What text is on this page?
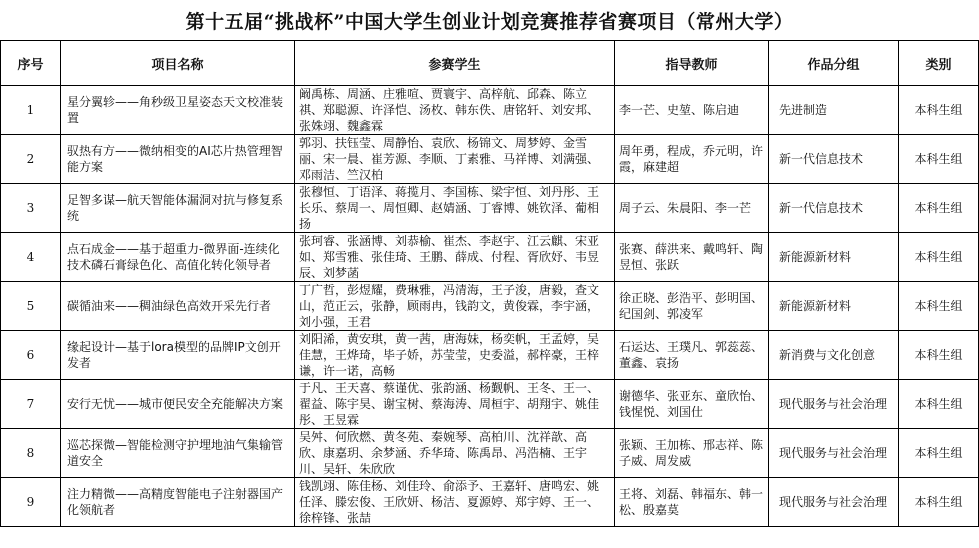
第十五届“挑战杯”中国大学生创业计划竞赛推荐省赛项目（常州大学）
序号	项目名称	参赛学生	指导教师	作品分组	类别
1	星分翼轸——角秒级卫星姿态天文校准装置	阚禹栋、周涵、庄雅喧、贾寰宇、高梓航、邱森、陈立祺、郑聪源、许泽恺、汤枚、韩东佚、唐铭轩、刘安邦、张姝翊、魏鑫霖	李一芒、史堃、陈启迪	先进制造	本科生组
2	驭热有方——微纳相变的AI芯片热管理智能方案	郭羽、扶钰莹、周静怡、袁欣、杨锦文、周梦婷、金雪丽、宋一晨、崔芳源、李顺、丁素雅、马祥博、刘满强、邓雨洁、竺汉柏	周年勇，程成，乔元明，许霞，麻建超	新一代信息技术	本科生组
3	足智多谋—航天智能体漏洞对抗与修复系统	张穆恒、丁语泽、蒋揽月、李国栋、梁宇恒、刘丹彤、王长乐、蔡周一、周恒卿、赵婧涵、丁睿博、姚钦泽、葡相扬	周子云、朱晨阳、李一芒	新一代信息技术	本科生组
4	点石成金——基于超重力-微界面-连续化技术磷石膏绿色化、高值化转化领导者	张珂睿、张涵博、刘恭榆、崔杰、李赵宇、江云麒、宋亚如、郑雪雅、张佳琦、王鹏、薛成、付程、胥欣妤、韦昱辰、刘梦菡	张赛、薛洪来、戴鸣轩、陶昱恒、张跃	新能源新材料	本科生组
5	碳循油来——稠油绿色高效开采先行者	丁广哲，彭煜耀，费琳雅，冯清海，王子浚，唐毅，查文山，范正云，张静，顾雨冉，钱韵文，黄俊霖，李宇涵，刘小强，王君	徐正晓、彭浩平、彭明国、纪国剑、郭凌军	新能源新材料	本科生组
6	缘起设计—基于lora模型的品牌IP文创开发者	刘阳浠，黄安琪，黄一茜，唐海妹，杨奕帆，王孟婷，吴佳慧，王烨琦，毕子娇，苏莹莹，史委溢，郝梓豪，王梓谦，许一诺，高畅	石运达、王璞凡、郭蕊蕊、董鑫、袁扬	新消费与文化创意	本科生组
7	安行无忧——城市便民安全充能解决方案	于凡、王天喜、蔡谨优、张韵涵、杨觐帆、王冬、王一、翟益、陈宇昊、谢宝树、蔡海涛、周桓宇、胡翔宇、姚佳彤、王昱霖	谢德华、张亚东、童欣怡、钱惺悦、刘国仕	现代服务与社会治理	本科生组
8	巡芯探微—智能检测守护埋地油气集输管道安全	吴舛、何欣燃、黄冬苑、秦婉琴、高柏川、沈祥歆、高欣、康嘉玥、余梦涵、乔华琦、陈禹昂、冯浩楠、王宇川、吴轩、朱欣欣	张颖、王加栋、邢志祥、陈子威、周发威	现代服务与社会治理	本科生组
9	注力精微——高精度智能电子注射器国产化领航者	钱凯翊、陈佳杨、刘佳玲、俞添予、王嘉轩、唐鸣宏、姚任泽、滕宏俊、王欣妍、杨洁、夏源婷、郑宇婷、王一、徐梓锋、张喆	王将、刘磊、韩福东、韩一松、殷嘉莫	现代服务与社会治理	本科生组
